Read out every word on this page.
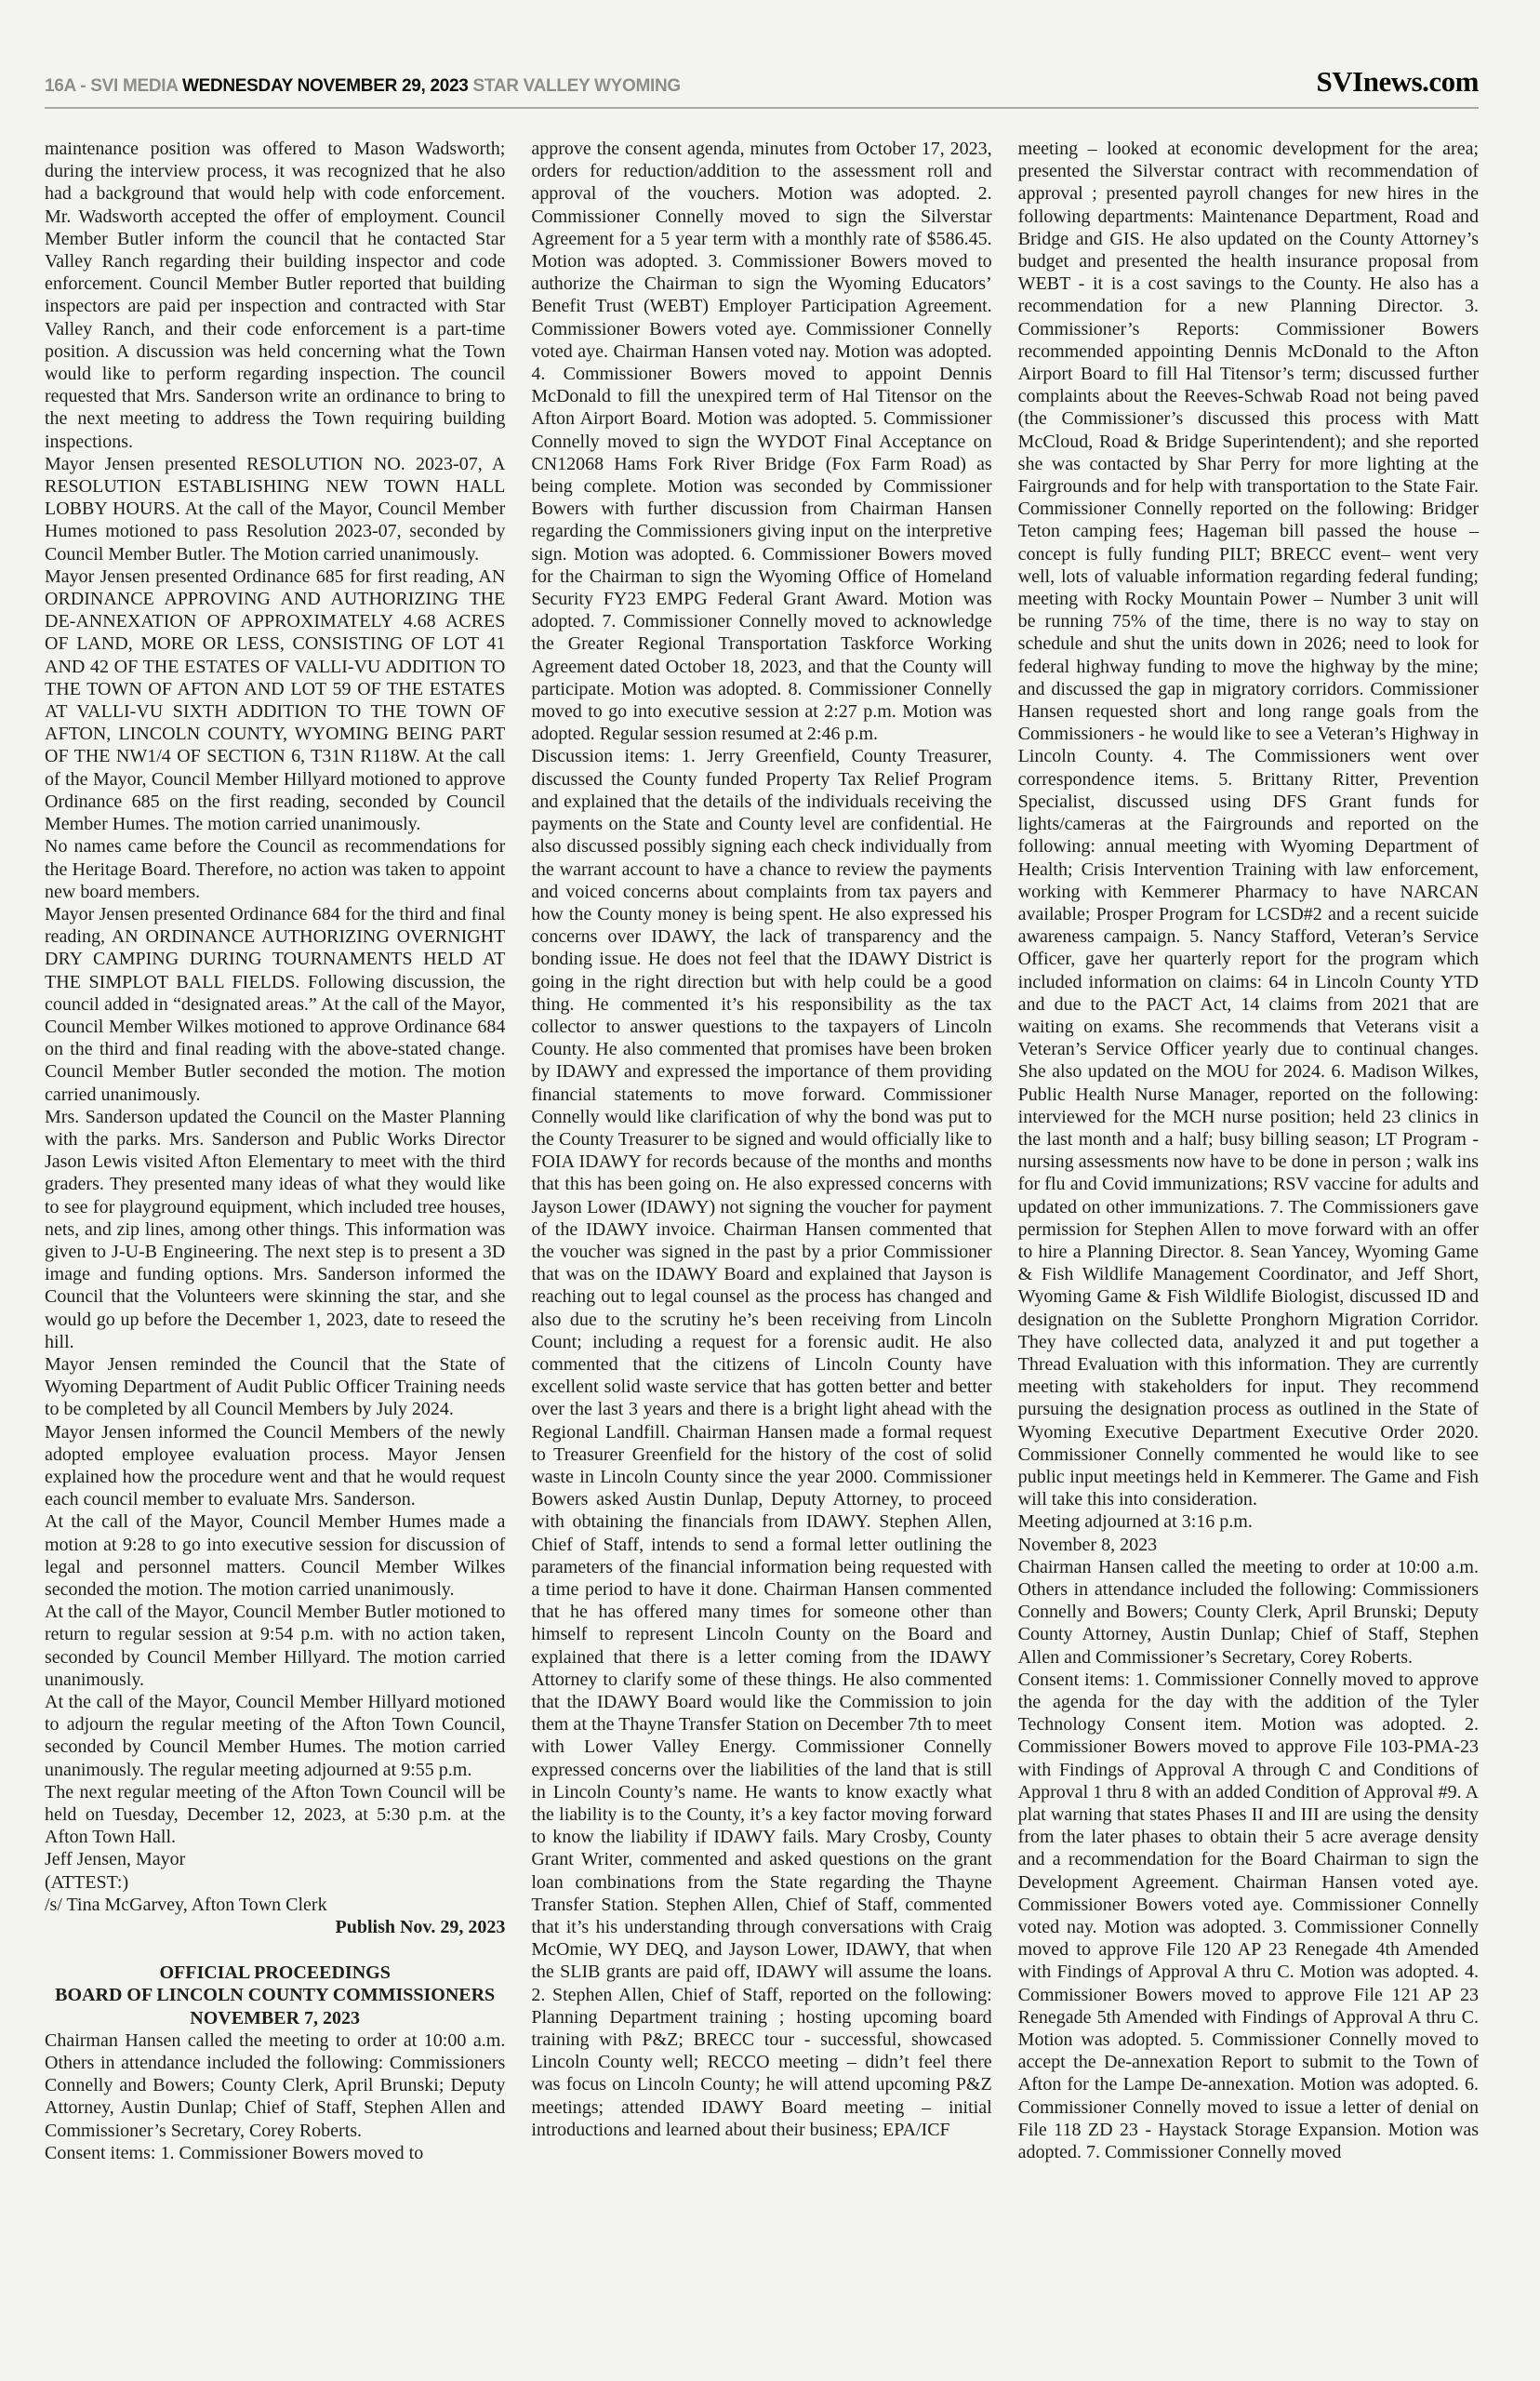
16A - SVI MEDIA WEDNESDAY NOVEMBER 29, 2023 STAR VALLEY WYOMING	SVInews.com

maintenance position was offered to Mason Wadsworth; during the interview process, it was recognized that he also had a background that would help with code enforcement. Mr. Wadsworth accepted the offer of employment. Council Member Butler inform the council that he contacted Star Valley Ranch regarding their building inspector and code enforcement. Council Member Butler reported that building inspectors are paid per inspection and contracted with Star Valley Ranch, and their code enforcement is a part-time position. A discussion was held concerning what the Town would like to perform regarding inspection. The council requested that Mrs. Sanderson write an ordinance to bring to the next meeting to address the Town requiring building inspections.

Mayor Jensen presented RESOLUTION NO. 2023-07, A RESOLUTION ESTABLISHING NEW TOWN HALL LOBBY HOURS. At the call of the Mayor, Council Member Humes motioned to pass Resolution 2023-07, seconded by Council Member Butler. The Motion carried unanimously.

Mayor Jensen presented Ordinance 685 for first reading, AN ORDINANCE APPROVING AND AUTHORIZING THE DE-ANNEXATION OF APPROXIMATELY 4.68 ACRES OF LAND, MORE OR LESS, CONSISTING OF LOT 41 AND 42 OF THE ESTATES OF VALLI-VU ADDITION TO THE TOWN OF AFTON AND LOT 59 OF THE ESTATES AT VALLI-VU SIXTH ADDITION TO THE TOWN OF AFTON, LINCOLN COUNTY, WYOMING BEING PART OF THE NW1/4 OF SECTION 6, T31N R118W. At the call of the Mayor, Council Member Hillyard motioned to approve Ordinance 685 on the first reading, seconded by Council Member Humes. The motion carried unanimously.

No names came before the Council as recommendations for the Heritage Board. Therefore, no action was taken to appoint new board members.

Mayor Jensen presented Ordinance 684 for the third and final reading, AN ORDINANCE AUTHORIZING OVERNIGHT DRY CAMPING DURING TOURNAMENTS HELD AT THE SIMPLOT BALL FIELDS. Following discussion, the council added in “designated areas.” At the call of the Mayor, Council Member Wilkes motioned to approve Ordinance 684 on the third and final reading with the above-stated change. Council Member Butler seconded the motion. The motion carried unanimously.

Mrs. Sanderson updated the Council on the Master Planning with the parks. Mrs. Sanderson and Public Works Director Jason Lewis visited Afton Elementary to meet with the third graders. They presented many ideas of what they would like to see for playground equipment, which included tree houses, nets, and zip lines, among other things. This information was given to J-U-B Engineering. The next step is to present a 3D image and funding options. Mrs. Sanderson informed the Council that the Volunteers were skinning the star, and she would go up before the December 1, 2023, date to reseed the hill.

Mayor Jensen reminded the Council that the State of Wyoming Department of Audit Public Officer Training needs to be completed by all Council Members by July 2024.

Mayor Jensen informed the Council Members of the newly adopted employee evaluation process. Mayor Jensen explained how the procedure went and that he would request each council member to evaluate Mrs. Sanderson.

At the call of the Mayor, Council Member Humes made a motion at 9:28 to go into executive session for discussion of legal and personnel matters. Council Member Wilkes seconded the motion. The motion carried unanimously.

At the call of the Mayor, Council Member Butler motioned to return to regular session at 9:54 p.m. with no action taken, seconded by Council Member Hillyard. The motion carried unanimously.

At the call of the Mayor, Council Member Hillyard motioned to adjourn the regular meeting of the Afton Town Council, seconded by Council Member Humes. The motion carried unanimously. The regular meeting adjourned at 9:55 p.m.

The next regular meeting of the Afton Town Council will be held on Tuesday, December 12, 2023, at 5:30 p.m. at the Afton Town Hall.

Jeff Jensen, Mayor

(ATTEST:)

/s/ Tina McGarvey, Afton Town Clerk

Publish Nov. 29, 2023

OFFICIAL PROCEEDINGS

BOARD OF LINCOLN COUNTY COMMISSIONERS

NOVEMBER 7, 2023

Chairman Hansen called the meeting to order at 10:00 a.m. Others in attendance included the following: Commissioners Connelly and Bowers; County Clerk, April Brunski; Deputy Attorney, Austin Dunlap; Chief of Staff, Stephen Allen and Commissioner’s Secretary, Corey Roberts.

Consent items: 1. Commissioner Bowers moved to

approve the consent agenda, minutes from October 17, 2023, orders for reduction/addition to the assessment roll and approval of the vouchers. Motion was adopted. 2. Commissioner Connelly moved to sign the Silverstar Agreement for a 5 year term with a monthly rate of $586.45. Motion was adopted. 3. Commissioner Bowers moved to authorize the Chairman to sign the Wyoming Educators’ Benefit Trust (WEBT) Employer Participation Agreement. Commissioner Bowers voted aye. Commissioner Connelly voted aye. Chairman Hansen voted nay. Motion was adopted. 4. Commissioner Bowers moved to appoint Dennis McDonald to fill the unexpired term of Hal Titensor on the Afton Airport Board. Motion was adopted. 5. Commissioner Connelly moved to sign the WYDOT Final Acceptance on CN12068 Hams Fork River Bridge (Fox Farm Road) as being complete. Motion was seconded by Commissioner Bowers with further discussion from Chairman Hansen regarding the Commissioners giving input on the interpretive sign. Motion was adopted. 6. Commissioner Bowers moved for the Chairman to sign the Wyoming Office of Homeland Security FY23 EMPG Federal Grant Award. Motion was adopted. 7. Commissioner Connelly moved to acknowledge the Greater Regional Transportation Taskforce Working Agreement dated October 18, 2023, and that the County will participate. Motion was adopted. 8. Commissioner Connelly moved to go into executive session at 2:27 p.m. Motion was adopted. Regular session resumed at 2:46 p.m.

Discussion items: 1. Jerry Greenfield, County Treasurer, discussed the County funded Property Tax Relief Program and explained that the details of the individuals receiving the payments on the State and County level are confidential. He also discussed possibly signing each check individually from the warrant account to have a chance to review the payments and voiced concerns about complaints from tax payers and how the County money is being spent. He also expressed his concerns over IDAWY, the lack of transparency and the bonding issue. He does not feel that the IDAWY District is going in the right direction but with help could be a good thing. He commented it’s his responsibility as the tax collector to answer questions to the taxpayers of Lincoln County. He also commented that promises have been broken by IDAWY and expressed the importance of them providing financial statements to move forward. Commissioner Connelly would like clarification of why the bond was put to the County Treasurer to be signed and would officially like to FOIA IDAWY for records because of the months and months that this has been going on. He also expressed concerns with Jayson Lower (IDAWY) not signing the voucher for payment of the IDAWY invoice. Chairman Hansen commented that the voucher was signed in the past by a prior Commissioner that was on the IDAWY Board and explained that Jayson is reaching out to legal counsel as the process has changed and also due to the scrutiny he’s been receiving from Lincoln Count; including a request for a forensic audit. He also commented that the citizens of Lincoln County have excellent solid waste service that has gotten better and better over the last 3 years and there is a bright light ahead with the Regional Landfill. Chairman Hansen made a formal request to Treasurer Greenfield for the history of the cost of solid waste in Lincoln County since the year 2000. Commissioner Bowers asked Austin Dunlap, Deputy Attorney, to proceed with obtaining the financials from IDAWY. Stephen Allen, Chief of Staff, intends to send a formal letter outlining the parameters of the financial information being requested with a time period to have it done. Chairman Hansen commented that he has offered many times for someone other than himself to represent Lincoln County on the Board and explained that there is a letter coming from the IDAWY Attorney to clarify some of these things. He also commented that the IDAWY Board would like the Commission to join them at the Thayne Transfer Station on December 7th to meet with Lower Valley Energy. Commissioner Connelly expressed concerns over the liabilities of the land that is still in Lincoln County’s name. He wants to know exactly what the liability is to the County, it’s a key factor moving forward to know the liability if IDAWY fails. Mary Crosby, County Grant Writer, commented and asked questions on the grant loan combinations from the State regarding the Thayne Transfer Station. Stephen Allen, Chief of Staff, commented that it’s his understanding through conversations with Craig McOmie, WY DEQ, and Jayson Lower, IDAWY, that when the SLIB grants are paid off, IDAWY will assume the loans. 2. Stephen Allen, Chief of Staff, reported on the following: Planning Department training ; hosting upcoming board training with P&Z; BRECC tour - successful, showcased Lincoln County well; RECCO meeting – didn’t feel there was focus on Lincoln County; he will attend upcoming P&Z meetings; attended IDAWY Board meeting – initial introductions and learned about their business; EPA/ICF

meeting – looked at economic development for the area; presented the Silverstar contract with recommendation of approval ; presented payroll changes for new hires in the following departments: Maintenance Department, Road and Bridge and GIS. He also updated on the County Attorney’s budget and presented the health insurance proposal from WEBT - it is a cost savings to the County. He also has a recommendation for a new Planning Director. 3. Commissioner’s Reports: Commissioner Bowers recommended appointing Dennis McDonald to the Afton Airport Board to fill Hal Titensor’s term; discussed further complaints about the Reeves-Schwab Road not being paved (the Commissioner’s discussed this process with Matt McCloud, Road & Bridge Superintendent); and she reported she was contacted by Shar Perry for more lighting at the Fairgrounds and for help with transportation to the State Fair. Commissioner Connelly reported on the following: Bridger Teton camping fees; Hageman bill passed the house – concept is fully funding PILT; BRECC event– went very well, lots of valuable information regarding federal funding; meeting with Rocky Mountain Power – Number 3 unit will be running 75% of the time, there is no way to stay on schedule and shut the units down in 2026; need to look for federal highway funding to move the highway by the mine; and discussed the gap in migratory corridors. Commissioner Hansen requested short and long range goals from the Commissioners - he would like to see a Veteran’s Highway in Lincoln County. 4. The Commissioners went over correspondence items. 5. Brittany Ritter, Prevention Specialist, discussed using DFS Grant funds for lights/cameras at the Fairgrounds and reported on the following: annual meeting with Wyoming Department of Health; Crisis Intervention Training with law enforcement, working with Kemmerer Pharmacy to have NARCAN available; Prosper Program for LCSD#2 and a recent suicide awareness campaign. 5. Nancy Stafford, Veteran’s Service Officer, gave her quarterly report for the program which included information on claims: 64 in Lincoln County YTD and due to the PACT Act, 14 claims from 2021 that are waiting on exams. She recommends that Veterans visit a Veteran’s Service Officer yearly due to continual changes. She also updated on the MOU for 2024. 6. Madison Wilkes, Public Health Nurse Manager, reported on the following: interviewed for the MCH nurse position; held 23 clinics in the last month and a half; busy billing season; LT Program - nursing assessments now have to be done in person ; walk ins for flu and Covid immunizations; RSV vaccine for adults and updated on other immunizations. 7. The Commissioners gave permission for Stephen Allen to move forward with an offer to hire a Planning Director. 8. Sean Yancey, Wyoming Game & Fish Wildlife Management Coordinator, and Jeff Short, Wyoming Game & Fish Wildlife Biologist, discussed ID and designation on the Sublette Pronghorn Migration Corridor. They have collected data, analyzed it and put together a Thread Evaluation with this information. They are currently meeting with stakeholders for input. They recommend pursuing the designation process as outlined in the State of Wyoming Executive Department Executive Order 2020. Commissioner Connelly commented he would like to see public input meetings held in Kemmerer. The Game and Fish will take this into consideration.

Meeting adjourned at 3:16 p.m.

November 8, 2023

Chairman Hansen called the meeting to order at 10:00 a.m. Others in attendance included the following: Commissioners Connelly and Bowers; County Clerk, April Brunski; Deputy County Attorney, Austin Dunlap; Chief of Staff, Stephen Allen and Commissioner’s Secretary, Corey Roberts.

Consent items: 1. Commissioner Connelly moved to approve the agenda for the day with the addition of the Tyler Technology Consent item. Motion was adopted. 2. Commissioner Bowers moved to approve File 103-PMA-23 with Findings of Approval A through C and Conditions of Approval 1 thru 8 with an added Condition of Approval #9. A plat warning that states Phases II and III are using the density from the later phases to obtain their 5 acre average density and a recommendation for the Board Chairman to sign the Development Agreement. Chairman Hansen voted aye. Commissioner Bowers voted aye. Commissioner Connelly voted nay. Motion was adopted. 3. Commissioner Connelly moved to approve File 120 AP 23 Renegade 4th Amended with Findings of Approval A thru C. Motion was adopted. 4. Commissioner Bowers moved to approve File 121 AP 23 Renegade 5th Amended with Findings of Approval A thru C. Motion was adopted. 5. Commissioner Connelly moved to accept the De-annexation Report to submit to the Town of Afton for the Lampe De-annexation. Motion was adopted. 6. Commissioner Connelly moved to issue a letter of denial on File 118 ZD 23 - Haystack Storage Expansion. Motion was adopted. 7. Commissioner Connelly moved
